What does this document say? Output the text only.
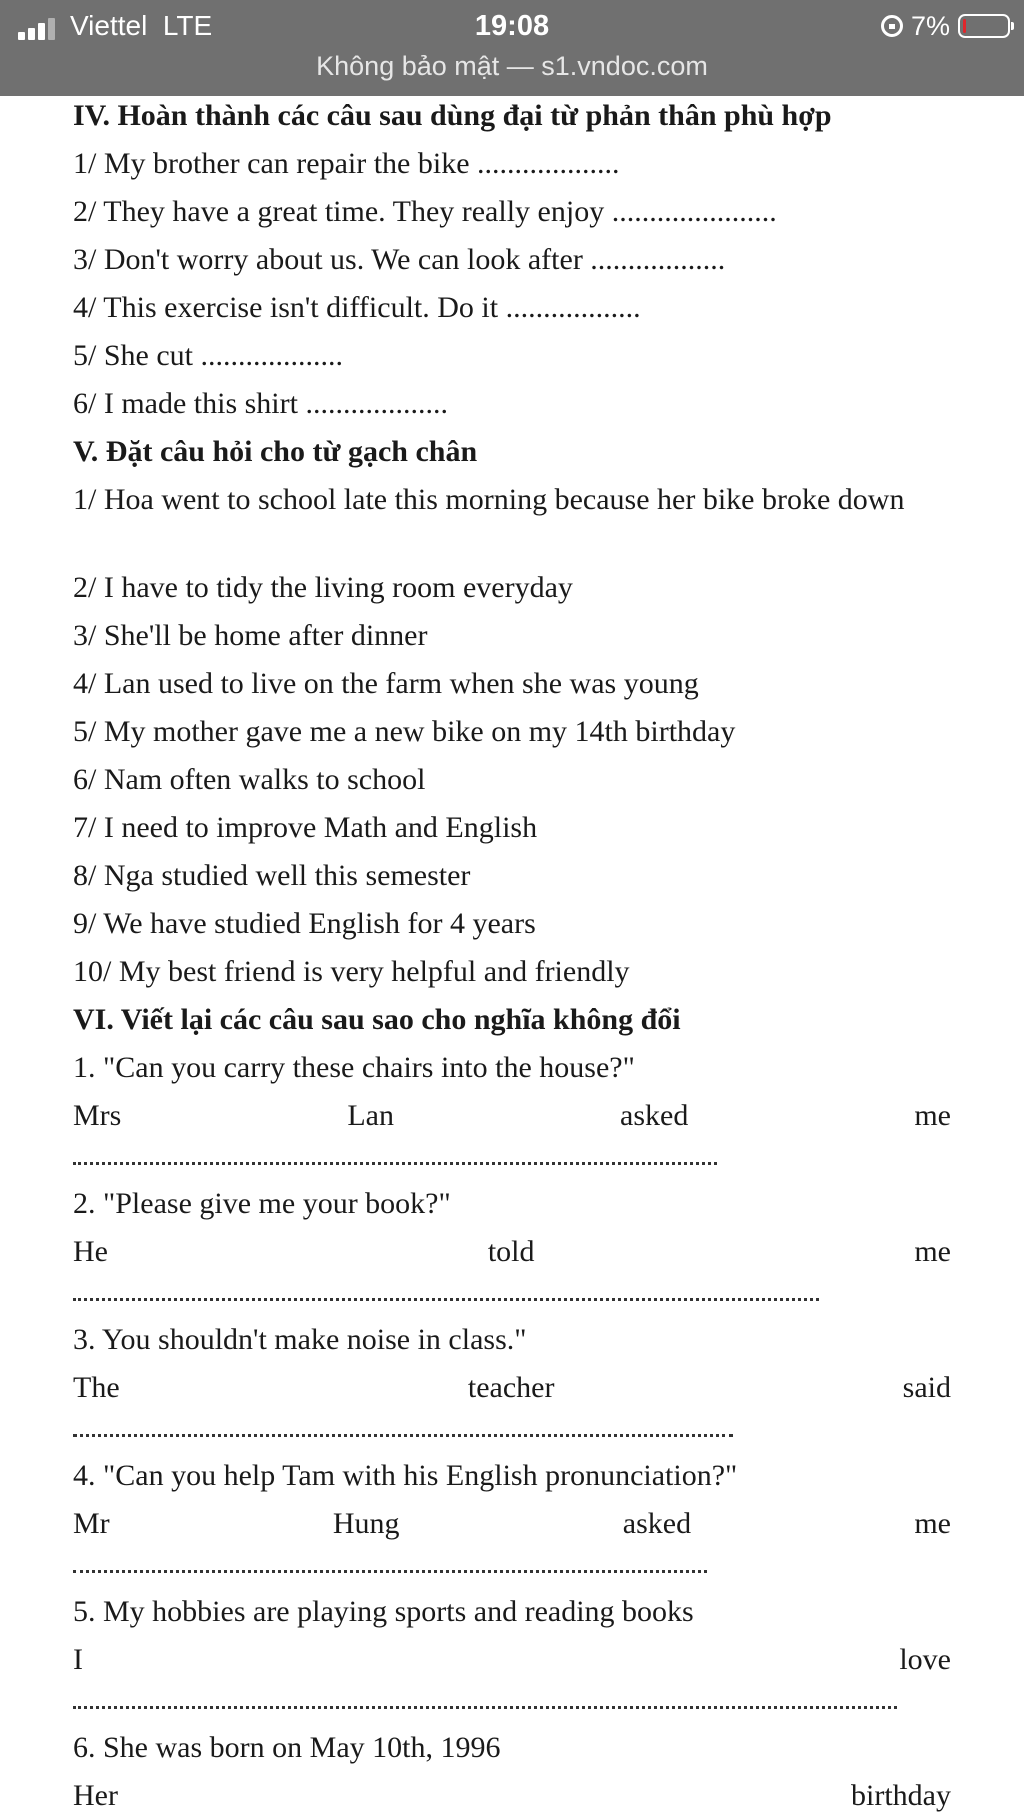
Viettel LTE	19:08	7%
Không bảo mật — s1.vndoc.com
IV. Hoàn thành các câu sau dùng đại từ phản thân phù hợp
1/ My brother can repair the bike ...................
2/ They have a great time. They really enjoy ......................
3/ Don't worry about us. We can look after ..................
4/ This exercise isn't difficult. Do it ..................
5/ She cut ...................
6/ I made this shirt ...................
V. Đặt câu hỏi cho từ gạch chân
1/ Hoa went to school late this morning because her bike broke down
2/ I have to tidy the living room everyday
3/ She'll be home after dinner
4/ Lan used to live on the farm when she was young
5/ My mother gave me a new bike on my 14th birthday
6/ Nam often walks to school
7/ I need to improve Math and English
8/ Nga studied well this semester
9/ We have studied English for 4 years
10/ My best friend is very helpful and friendly
VI. Viết lại các câu sau sao cho nghĩa không đổi
1. "Can you carry these chairs into the house?"
Mrs	Lan	asked	me
2. "Please give me your book?"
He	told	me
3. You shouldn't make noise in class."
The	teacher	said
4. "Can you help Tam with his English pronunciation?"
Mr	Hung	asked	me
5. My hobbies are playing sports and reading books
I	love
6. She was born on May 10th, 1996
Her	birthday
